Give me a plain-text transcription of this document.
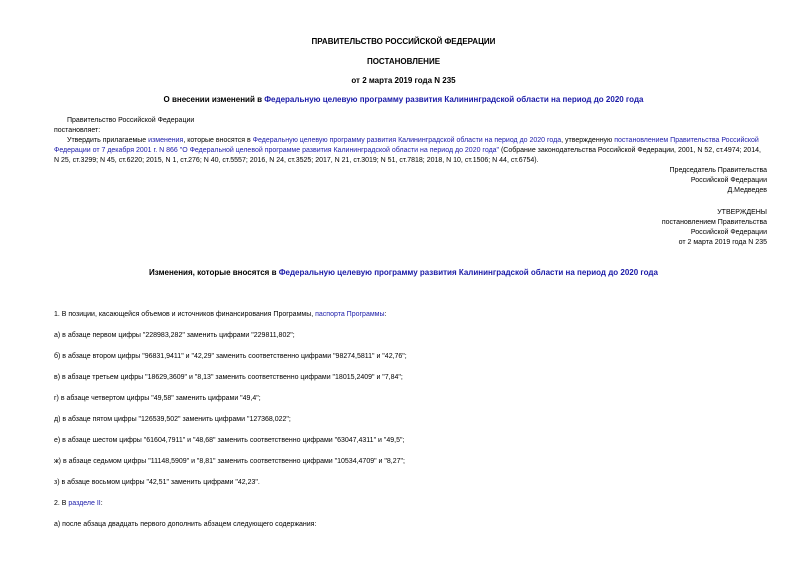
ПРАВИТЕЛЬСТВО РОССИЙСКОЙ ФЕДЕРАЦИИ
ПОСТАНОВЛЕНИЕ
от 2 марта 2019 года N 235
О внесении изменений в Федеральную целевую программу развития Калининградской области на период до 2020 года
Правительство Российской Федерации
постановляет:
Утвердить прилагаемые изменения, которые вносятся в Федеральную целевую программу развития Калининградской области на период до 2020 года, утвержденную постановлением Правительства Российской
Федерации от 7 декабря 2001 г. N 866 "О Федеральной целевой программе развития Калининградской области на период до 2020 года" (Собрание законодательства Российской Федерации, 2001, N 52, ст.4974; 2014,
N 25, ст.3299; N 45, ст.6220; 2015, N 1, ст.276; N 40, ст.5557; 2016, N 24, ст.3525; 2017, N 21, ст.3019; N 51, ст.7818; 2018, N 10, ст.1506; N 44, ст.6754).
Председатель Правительства
Российской Федерации
Д.Медведев
УТВЕРЖДЕНЫ
постановлением Правительства
Российской Федерации
от 2 марта 2019 года N 235
Изменения, которые вносятся в Федеральную целевую программу развития Калининградской области на период до 2020 года
1. В позиции, касающейся объемов и источников финансирования Программы, паспорта Программы:
а) в абзаце первом цифры "228983,282" заменить цифрами "229811,802";
б) в абзаце втором цифры "96831,9411" и "42,29" заменить соответственно цифрами "98274,5811" и "42,76";
в) в абзаце третьем цифры "18629,3609" и "8,13" заменить соответственно цифрами "18015,2409" и "7,84";
г) в абзаце четвертом цифры "49,58" заменить цифрами "49,4";
д) в абзаце пятом цифры "126539,502" заменить цифрами "127368,022";
е) в абзаце шестом цифры "61604,7911" и "48,68" заменить соответственно цифрами "63047,4311" и "49,5";
ж) в абзаце седьмом цифры "11148,5909" и "8,81" заменить соответственно цифрами "10534,4709" и "8,27";
з) в абзаце восьмом цифры "42,51" заменить цифрами "42,23".
2. В разделе II:
а) после абзаца двадцать первого дополнить абзацем следующего содержания:
